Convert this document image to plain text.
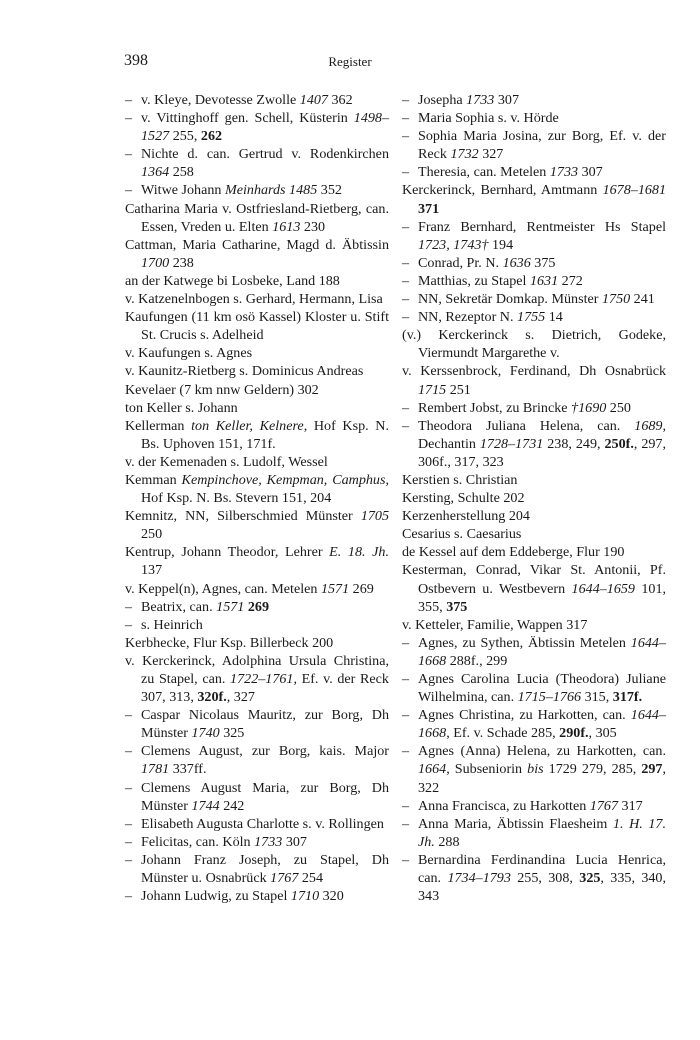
398	Register

– v. Kleye, Devotesse Zwolle 1407 362

– v. Vittinghoff gen. Schell, Küsterin 1498–1527 255, 262

– Nichte d. can. Gertrud v. Rodenkirchen 1364 258

– Witwe Johann Meinhards 1485 352

Catharina Maria v. Ostfriesland-Rietberg, can. Essen, Vreden u. Elten 1613 230

Cattman, Maria Catharine, Magd d. Äbtissin 1700 238

an der Katwege bi Losbeke, Land 188

v. Katzenelnbogen s. Gerhard, Hermann, Lisa

Kaufungen (11 km osö Kassel) Kloster u. Stift St. Crucis s. Adelheid

v. Kaufungen s. Agnes

v. Kaunitz-Rietberg s. Dominicus Andreas

Kevelaer (7 km nnw Geldern) 302

ton Keller s. Johann

Kellerman ton Keller, Kelnere, Hof Ksp. N. Bs. Uphoven 151, 171f.

v. der Kemenaden s. Ludolf, Wessel

Kemman Kempinchove, Kempman, Camphus, Hof Ksp. N. Bs. Stevern 151, 204

Kemnitz, NN, Silberschmied Münster 1705 250

Kentrup, Johann Theodor, Lehrer E. 18. Jh. 137

v. Keppel(n), Agnes, can. Metelen 1571 269

– Beatrix, can. 1571 269

– s. Heinrich

Kerbhecke, Flur Ksp. Billerbeck 200

v. Kerckerinck, Adolphina Ursula Christina, zu Stapel, can. 1722–1761, Ef. v. der Reck 307, 313, 320f., 327

– Caspar Nicolaus Mauritz, zur Borg, Dh Münster 1740 325

– Clemens August, zur Borg, kais. Major 1781 337ff.

– Clemens August Maria, zur Borg, Dh Münster 1744 242

– Elisabeth Augusta Charlotte s. v. Rollingen

– Felicitas, can. Köln 1733 307

– Johann Franz Joseph, zu Stapel, Dh Münster u. Osnabrück 1767 254

– Johann Ludwig, zu Stapel 1710 320

– Josepha 1733 307

– Maria Sophia s. v. Hörde

– Sophia Maria Josina, zur Borg, Ef. v. der Reck 1732 327

– Theresia, can. Metelen 1733 307

Kerckerinck, Bernhard, Amtmann 1678–1681 371

– Franz Bernhard, Rentmeister Hs Stapel 1723, 1743† 194

– Conrad, Pr. N. 1636 375

– Matthias, zu Stapel 1631 272

– NN, Sekretär Domkap. Münster 1750 241

– NN, Rezeptor N. 1755 14

(v.) Kerckerinck s. Dietrich, Godeke, Viermundt Margarethe v.

v. Kerssenbrock, Ferdinand, Dh Osnabrück 1715 251

– Rembert Jobst, zu Brincke †1690 250

– Theodora Juliana Helena, can. 1689, Dechantin 1728–1731 238, 249, 250f., 297, 306f., 317, 323

Kerstien s. Christian

Kersting, Schulte 202

Kerzenherstellung 204

Cesarius s. Caesarius

de Kessel auf dem Eddeberge, Flur 190

Kesterman, Conrad, Vikar St. Antonii, Pf. Ostbevern u. Westbevern 1644–1659 101, 355, 375

v. Ketteler, Familie, Wappen 317

– Agnes, zu Sythen, Äbtissin Metelen 1644–1668 288f., 299

– Agnes Carolina Lucia (Theodora) Juliane Wilhelmina, can. 1715–1766 315, 317f.

– Agnes Christina, zu Harkotten, can. 1644–1668, Ef. v. Schade 285, 290f., 305

– Agnes (Anna) Helena, zu Harkotten, can. 1664, Subseniorin bis 1729 279, 285, 297, 322

– Anna Francisca, zu Harkotten 1767 317

– Anna Maria, Äbtissin Flaesheim 1. H. 17. Jh. 288

– Bernardina Ferdinandina Lucia Henrica, can. 1734–1793 255, 308, 325, 335, 340, 343
